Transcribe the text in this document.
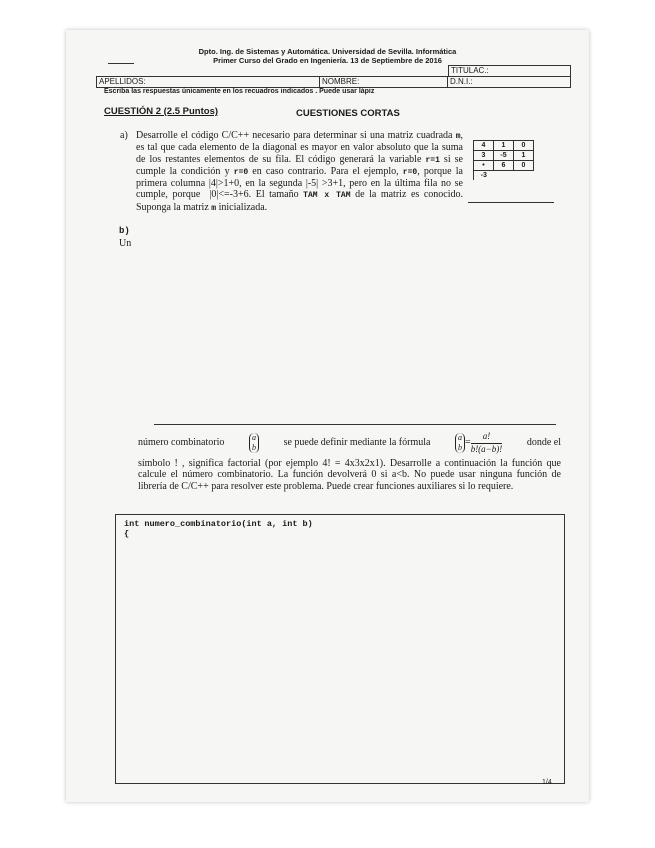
Dpto. Ing. de Sistemas y Automática. Universidad de Sevilla. Informática
Primer Curso del Grado en Ingeniería. 13 de Septiembre de 2016
TITULAC.:
APELLIDOS:	NOMBRE:	D.N.I.:
Escriba las respuestas únicamente en los recuadros indicados . Puede usar lápiz
CUESTIÓN 2 (2.5 Puntos)	CUESTIONES CORTAS
a) Desarrolle el código C/C++ necesario para determinar si una matriz cuadrada m, es tal que cada elemento de la diagonal es mayor en valor absoluto que la suma de los restantes elementos de su fila. El código generará la variable r=1 si se cumple la condición y r=0 en caso contrario. Para el ejemplo, r=0, porque la primera columna |4|>1+0, en la segunda |-5| >3+1, pero en la última fila no se cumple, porque  |0|<=-3+6. El tamaño TAM x TAM de la matriz es conocido. Suponga la matriz m inicializada.
4	1	0
3	-5	1
•	6	0
-3		
b)
Un
número combinatorio	a
b	se puede definir mediante la fórmula	a
$b = \frac{a!}{b!(a-b)!}$ donde el
símbolo ! , significa factorial (por ejemplo 4! = 4x3x2x1). Desarrolle a continuación la función que calcule el número combinatorio. La función devolverá 0 si a<b. No puede usar ninguna función de librería de C/C++ para resolver este problema. Puede crear funciones auxiliares si lo requiere.
int numero_combinatorio(int a, int b)
{
1/4
